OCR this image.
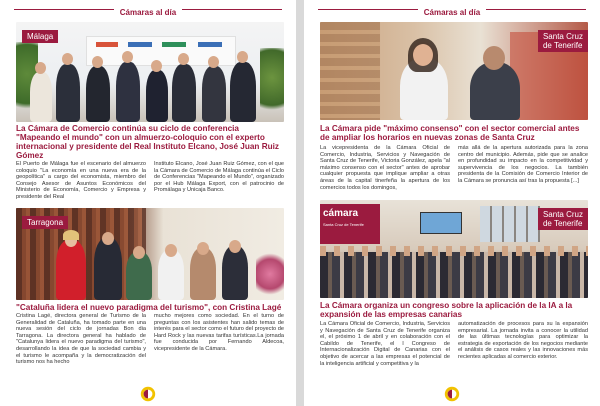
Cámaras al día
Málaga
La Cámara de Comercio continúa su ciclo de conferencia "Mapeando el mundo" con un almuerzo-coloquio con el experto internacional y presidente del Real Instituto Elcano, José Juan Ruiz Gómez

El Puerto de Málaga fue el escenario del almuerzo coloquio "La economía en una nueva era de la geopolítica" a cargo del economista, miembro del Consejo Asesor de Asuntos Económicos del Ministerio de Economía, Comercio y Empresa y presidente del Real

Instituto Elcano, José Juan Ruiz Gómez, con el que la Cámara de Comercio de Málaga continúa el Ciclo de Conferencias "Mapeando el Mundo", organizado por el Hub Málaga Export, con el patrocinio de Promálaga y Unicaja Banco.

Tarragona
"Cataluña lidera el nuevo paradigma del turismo", con Cristina Lagé

Cristina Lagé, directora general de Turismo de la Generalidad de Cataluña, ha tomado parte en una nueva sesión del ciclo de jornadas Bon dia Tarragona. La directora general ha hablado de "Catalunya lidera el nuevo paradigma del turismo", desarrollando la idea de que la sociedad cambia y el turismo le acompaña y la democratización del turismo nos ha hecho

mucho mejores como sociedad. En el turno de preguntas con los asistentes han salido temas de interés para el sector como el futuro del proyecto de Hard Rock y las nuevas tarifas turísticas.La jornada fue conducida por Fernando Aldecoa, vicepresidente de la Cámara.

Cámaras al día
Santa Cruz
de Tenerife
La Cámara pide "máximo consenso" con el sector comercial antes de ampliar los horarios en nuevas zonas de Santa Cruz

La vicepresidenta de la Cámara Oficial de Comercio, Industria, Servicios y Navegación de Santa Cruz de Tenerife, Victoria González, apela "al máximo consenso con el sector" antes de aprobar cualquier propuesta que implique ampliar a otras áreas de la capital tinerfeña la apertura de los comercios todos los domingos,

más allá de la apertura autorizada para la zona centro del municipio. Además, pide que se analice en profundidad su impacto en la competitividad y supervivencia de los negocios. La también presidenta de la Comisión de Comercio Interior de la Cámara se pronuncia así tras la propuesta [...]

cámara
Santa Cruz de Tenerife
Santa Cruz
de Tenerife
La Cámara organiza un congreso sobre la aplicación de la IA a la expansión de las empresas canarias

La Cámara Oficial de Comercio, Industria, Servicios y Navegación de Santa Cruz de Tenerife organiza el, el próximo 1 de abril y en colaboración con el Cabildo de Tenerife, el I Congreso de Internacionalización Digital de Canarias con el objetivo de acercar a las empresas el potencial de la inteligencia artificial y competitiva y la

automatización de procesos para su la expansión empresarial. La jornada invita a conocer la utilidad de las últimas tecnologías para optimizar la estrategia de exportación de los negocios mediante el análisis de casos reales y las innovaciones más recientes aplicadas al comercio exterior.
